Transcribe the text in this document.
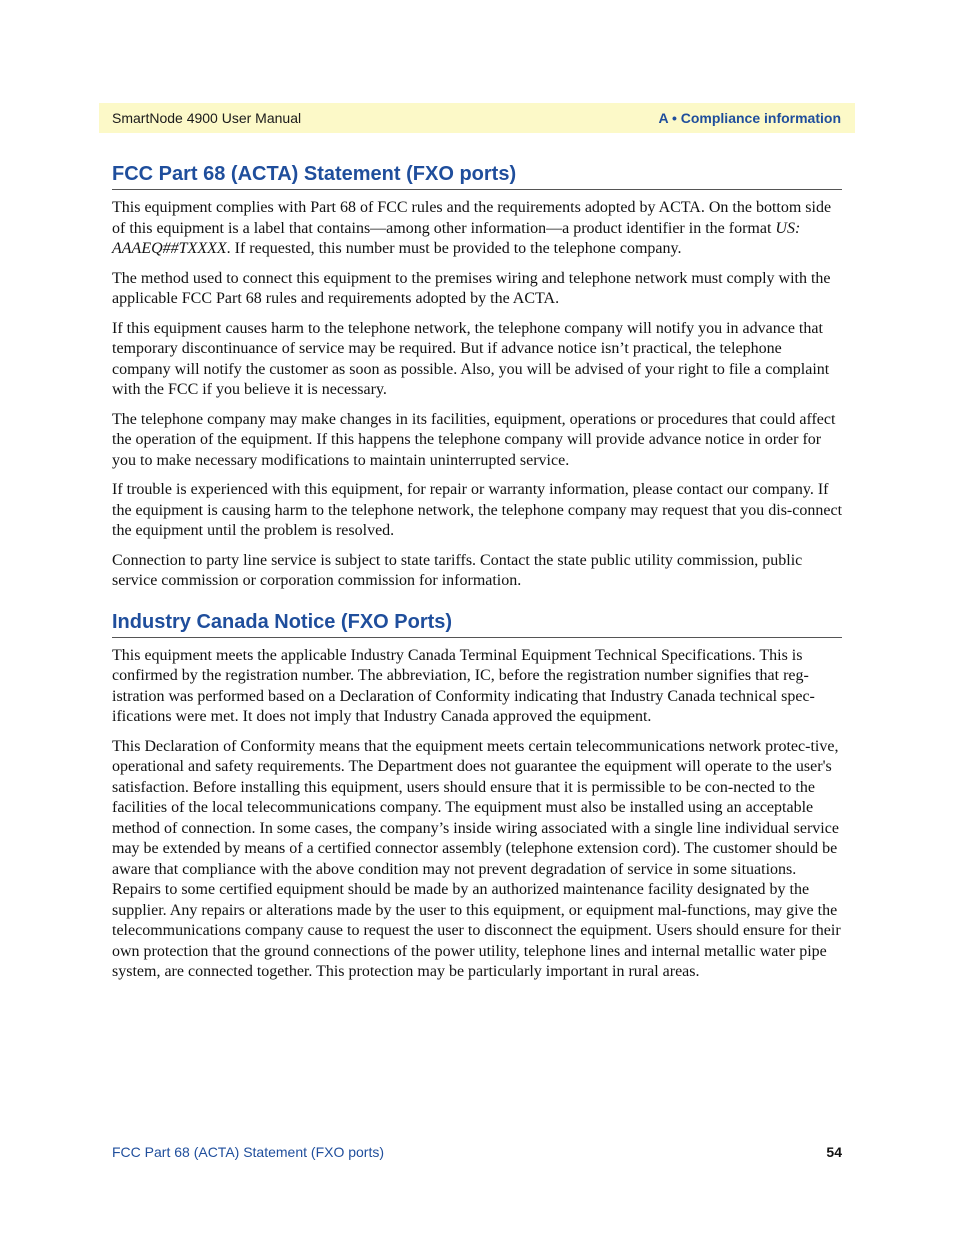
SmartNode 4900 User Manual	A • Compliance information
FCC Part 68 (ACTA) Statement (FXO ports)

This equipment complies with Part 68 of FCC rules and the requirements adopted by ACTA. On the bottom side of this equipment is a label that contains—among other information—a product identifier in the format US: AAAEQ##TXXXX. If requested, this number must be provided to the telephone company.

The method used to connect this equipment to the premises wiring and telephone network must comply with the applicable FCC Part 68 rules and requirements adopted by the ACTA.

If this equipment causes harm to the telephone network, the telephone company will notify you in advance that temporary discontinuance of service may be required. But if advance notice isn’t practical, the telephone company will notify the customer as soon as possible. Also, you will be advised of your right to file a complaint with the FCC if you believe it is necessary.

The telephone company may make changes in its facilities, equipment, operations or procedures that could affect the operation of the equipment. If this happens the telephone company will provide advance notice in order for you to make necessary modifications to maintain uninterrupted service.

If trouble is experienced with this equipment, for repair or warranty information, please contact our company. If the equipment is causing harm to the telephone network, the telephone company may request that you dis-connect the equipment until the problem is resolved.

Connection to party line service is subject to state tariffs. Contact the state public utility commission, public service commission or corporation commission for information.

Industry Canada Notice (FXO Ports)

This equipment meets the applicable Industry Canada Terminal Equipment Technical Specifications. This is confirmed by the registration number. The abbreviation, IC, before the registration number signifies that reg-istration was performed based on a Declaration of Conformity indicating that Industry Canada technical spec-ifications were met. It does not imply that Industry Canada approved the equipment.

This Declaration of Conformity means that the equipment meets certain telecommunications network protec-tive, operational and safety requirements. The Department does not guarantee the equipment will operate to the user's satisfaction. Before installing this equipment, users should ensure that it is permissible to be con-nected to the facilities of the local telecommunications company. The equipment must also be installed using an acceptable method of connection. In some cases, the company’s inside wiring associated with a single line individual service may be extended by means of a certified connector assembly (telephone extension cord). The customer should be aware that compliance with the above condition may not prevent degradation of service in some situations. Repairs to some certified equipment should be made by an authorized maintenance facility designated by the supplier. Any repairs or alterations made by the user to this equipment, or equipment mal-functions, may give the telecommunications company cause to request the user to disconnect the equipment. Users should ensure for their own protection that the ground connections of the power utility, telephone lines and internal metallic water pipe system, are connected together. This protection may be particularly important in rural areas.

FCC Part 68 (ACTA) Statement (FXO ports)	54
